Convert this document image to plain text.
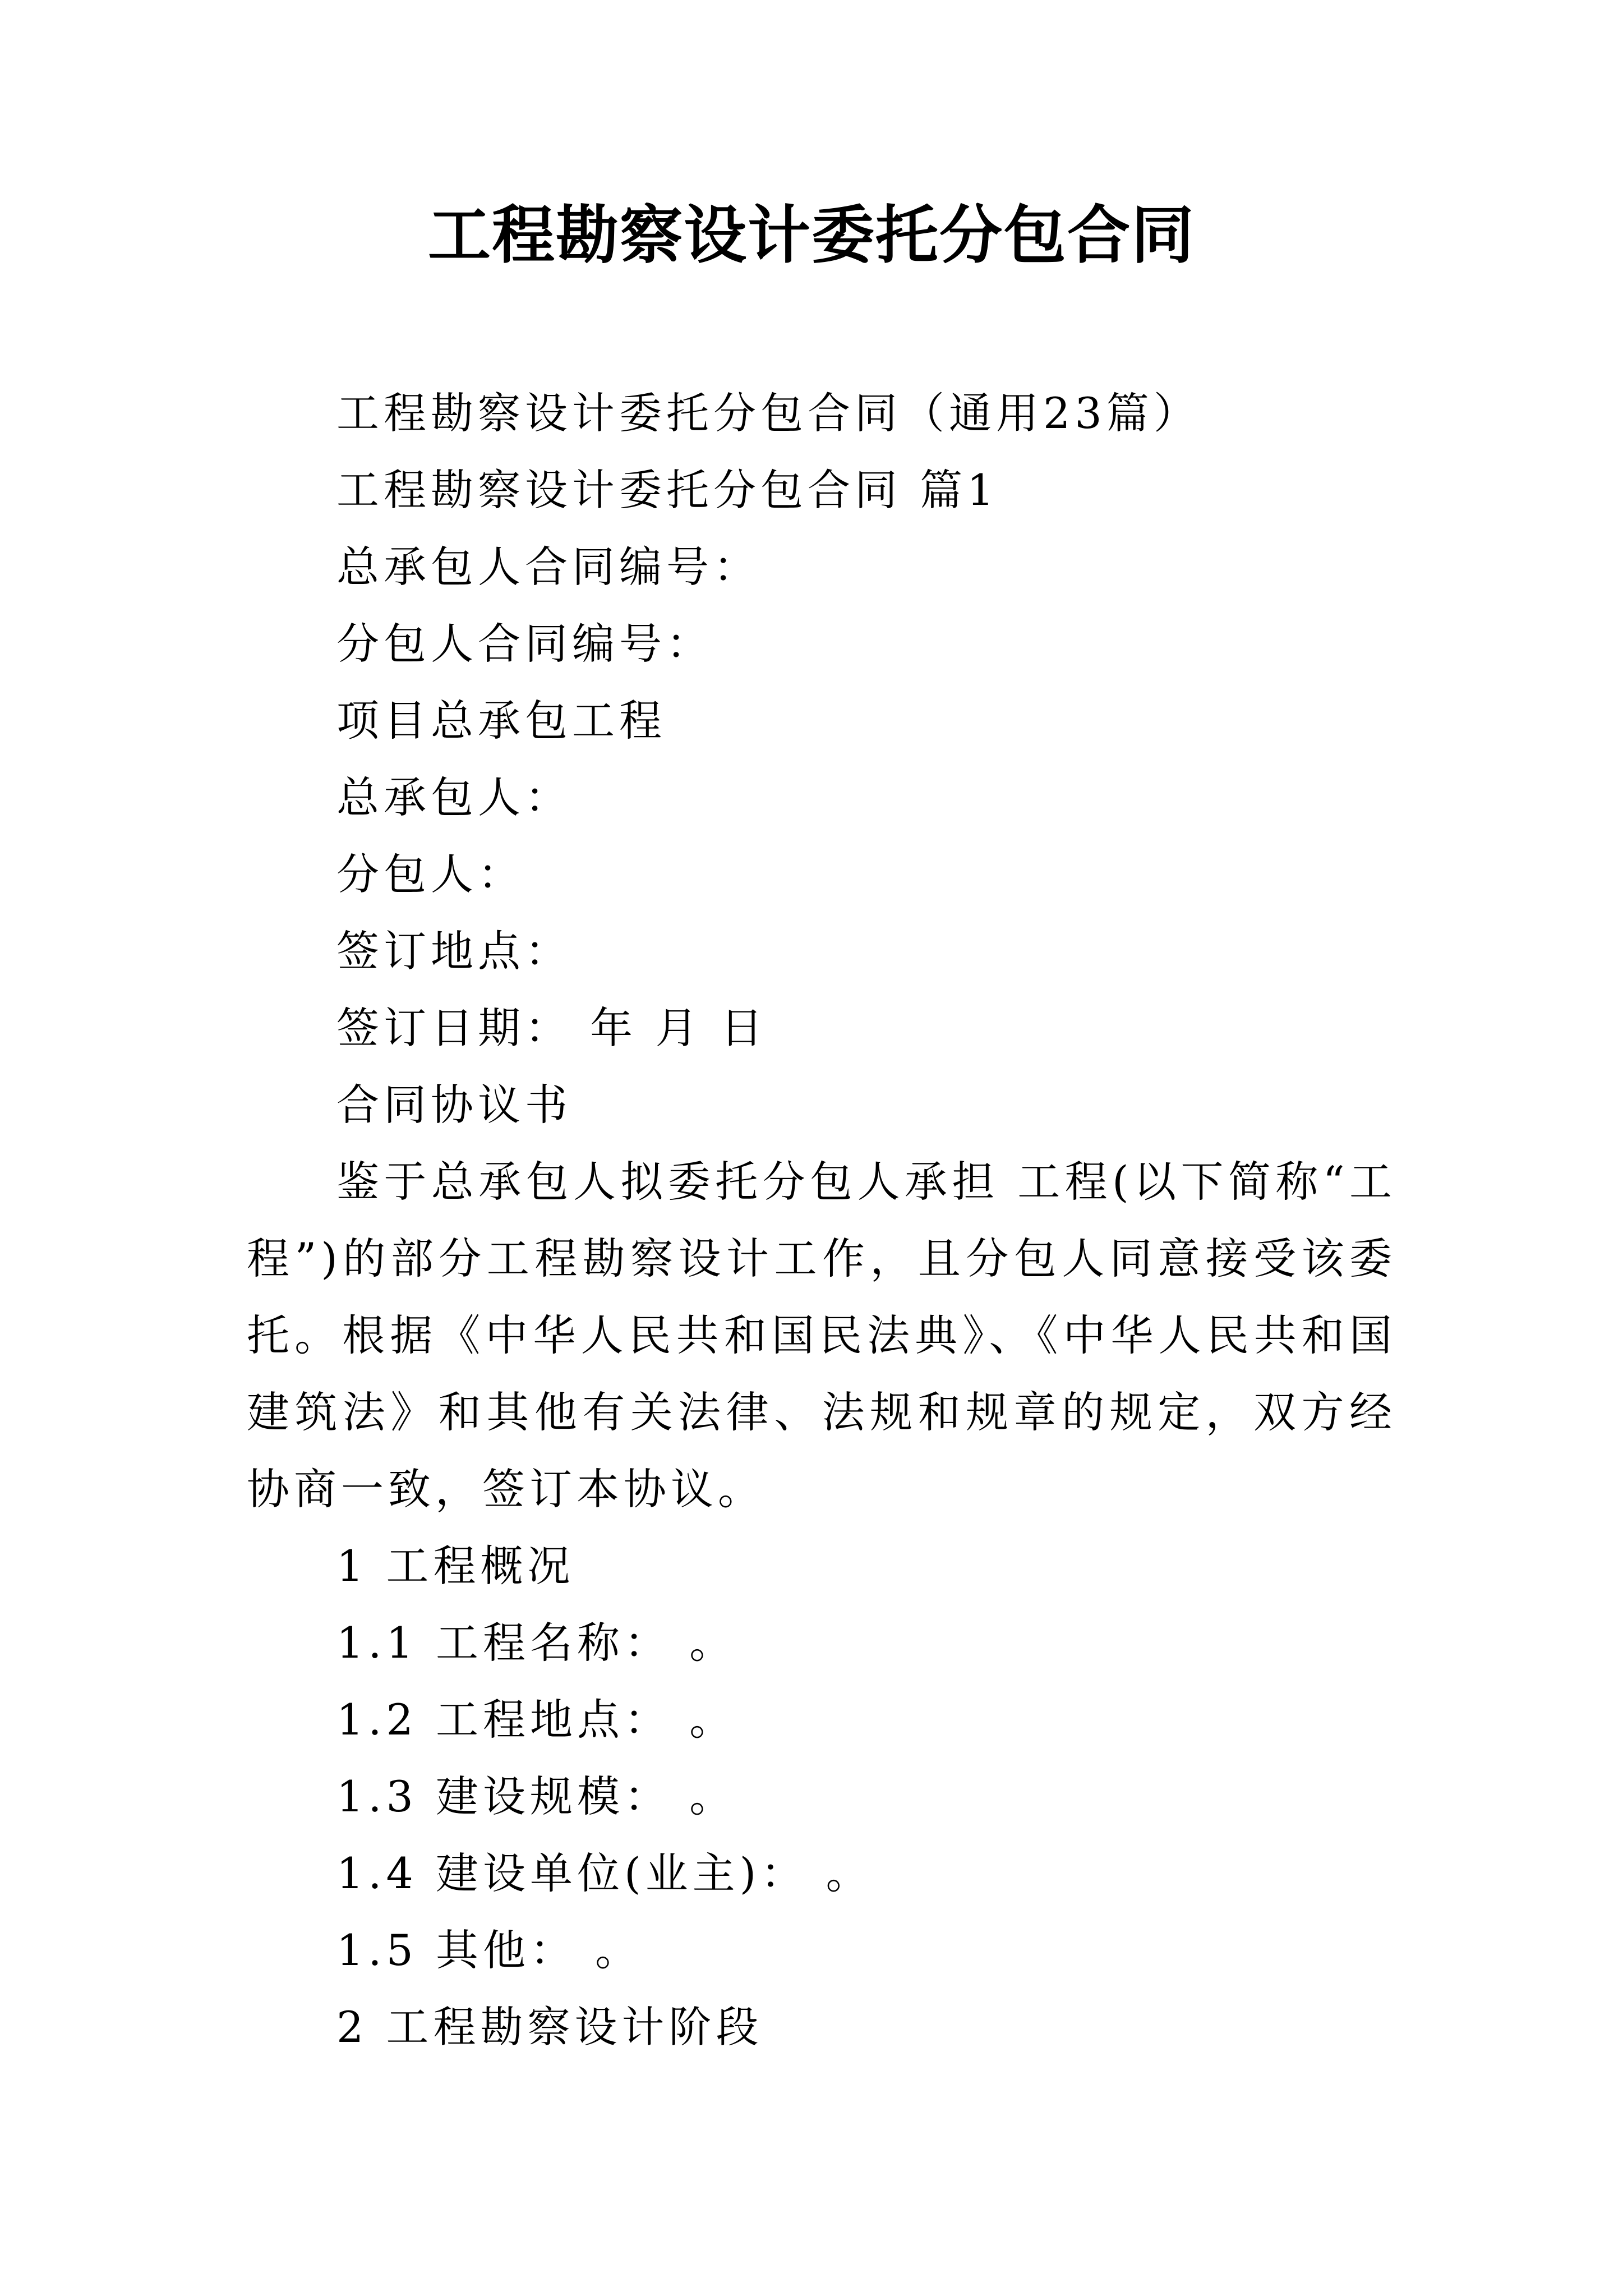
工程勘察设计委托分包合同

工程勘察设计委托分包合同（通用23篇）

工程勘察设计委托分包合同 篇1

总承包人合同编号：

分包人合同编号：

项目总承包工程

总承包人：

分包人：

签订地点：

签订日期： 年 月 日

合同协议书

鉴于总承包人拟委托分包人承担 工程(以下简称“工程”)的部分工程勘察设计工作，且分包人同意接受该委托。根据《中华人民共和国民法典》、《中华人民共和国建筑法》和其他有关法律、法规和规章的规定，双方经协商一致，签订本协议。

1 工程概况

1.1 工程名称： 。

1.2 工程地点： 。

1.3 建设规模： 。

1.4 建设单位(业主)： 。

1.5 其他： 。

2 工程勘察设计阶段
